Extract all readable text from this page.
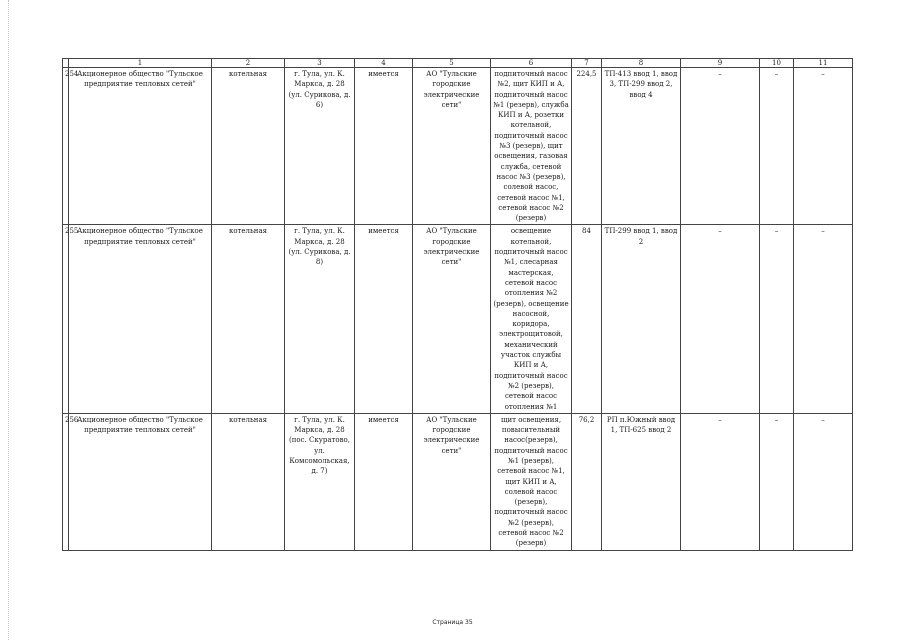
	1	2	3	4	5	6	7	8	9	10	11
254	Акционерное общество "Тульское предприятие тепловых сетей"	котельная	г. Тула, ул. К. Маркса, д. 28 (ул. Сурикова, д. 6)	имеется	АО "Тульские городские электрические сети"	подпиточный насос №2, щит КИП и А, подпиточный насос №1 (резерв), служба КИП и А, розетки котельной, подпиточный насос №3 (резерв), щит освещения, газовая служба, сетевой насос №3 (резерв), солевой насос, сетевой насос №1, сетевой насос №2 (резерв)	224,5	ТП-413 ввод 1, ввод 3, ТП-299 ввод 2, ввод 4	–	–	–
255	Акционерное общество "Тульское предприятие тепловых сетей"	котельная	г. Тула, ул. К. Маркса, д. 28 (ул. Сурикова, д. 8)	имеется	АО "Тульские городские электрические сети"	освещение котельной, подпиточный насос №1, слесарная мастерская, сетевой насос отопления №2 (резерв), освещение насосной, коридора, электрощитовой, механический участок службы КИП и А, подпиточный насос №2 (резерв), сетевой насос отопления №1	84	ТП-299 ввод 1, ввод 2	–	–	–
256	Акционерное общество "Тульское предприятие тепловых сетей"	котельная	г. Тула, ул. К. Маркса, д. 28 (пос. Скуратово, ул. Комсомольская, д. 7)	имеется	АО "Тульские городские электрические сети"	щит освещения, повысительный насос(резерв), подпиточный насос №1 (резерв), сетевой насос №1, щит КИП и А, солевой насос (резерв), подпиточный насос №2 (резерв), сетевой насос №2 (резерв)	76,2	РП п.Южный ввод 1, ТП-625 ввод 2	–	–	–
Страница 35
